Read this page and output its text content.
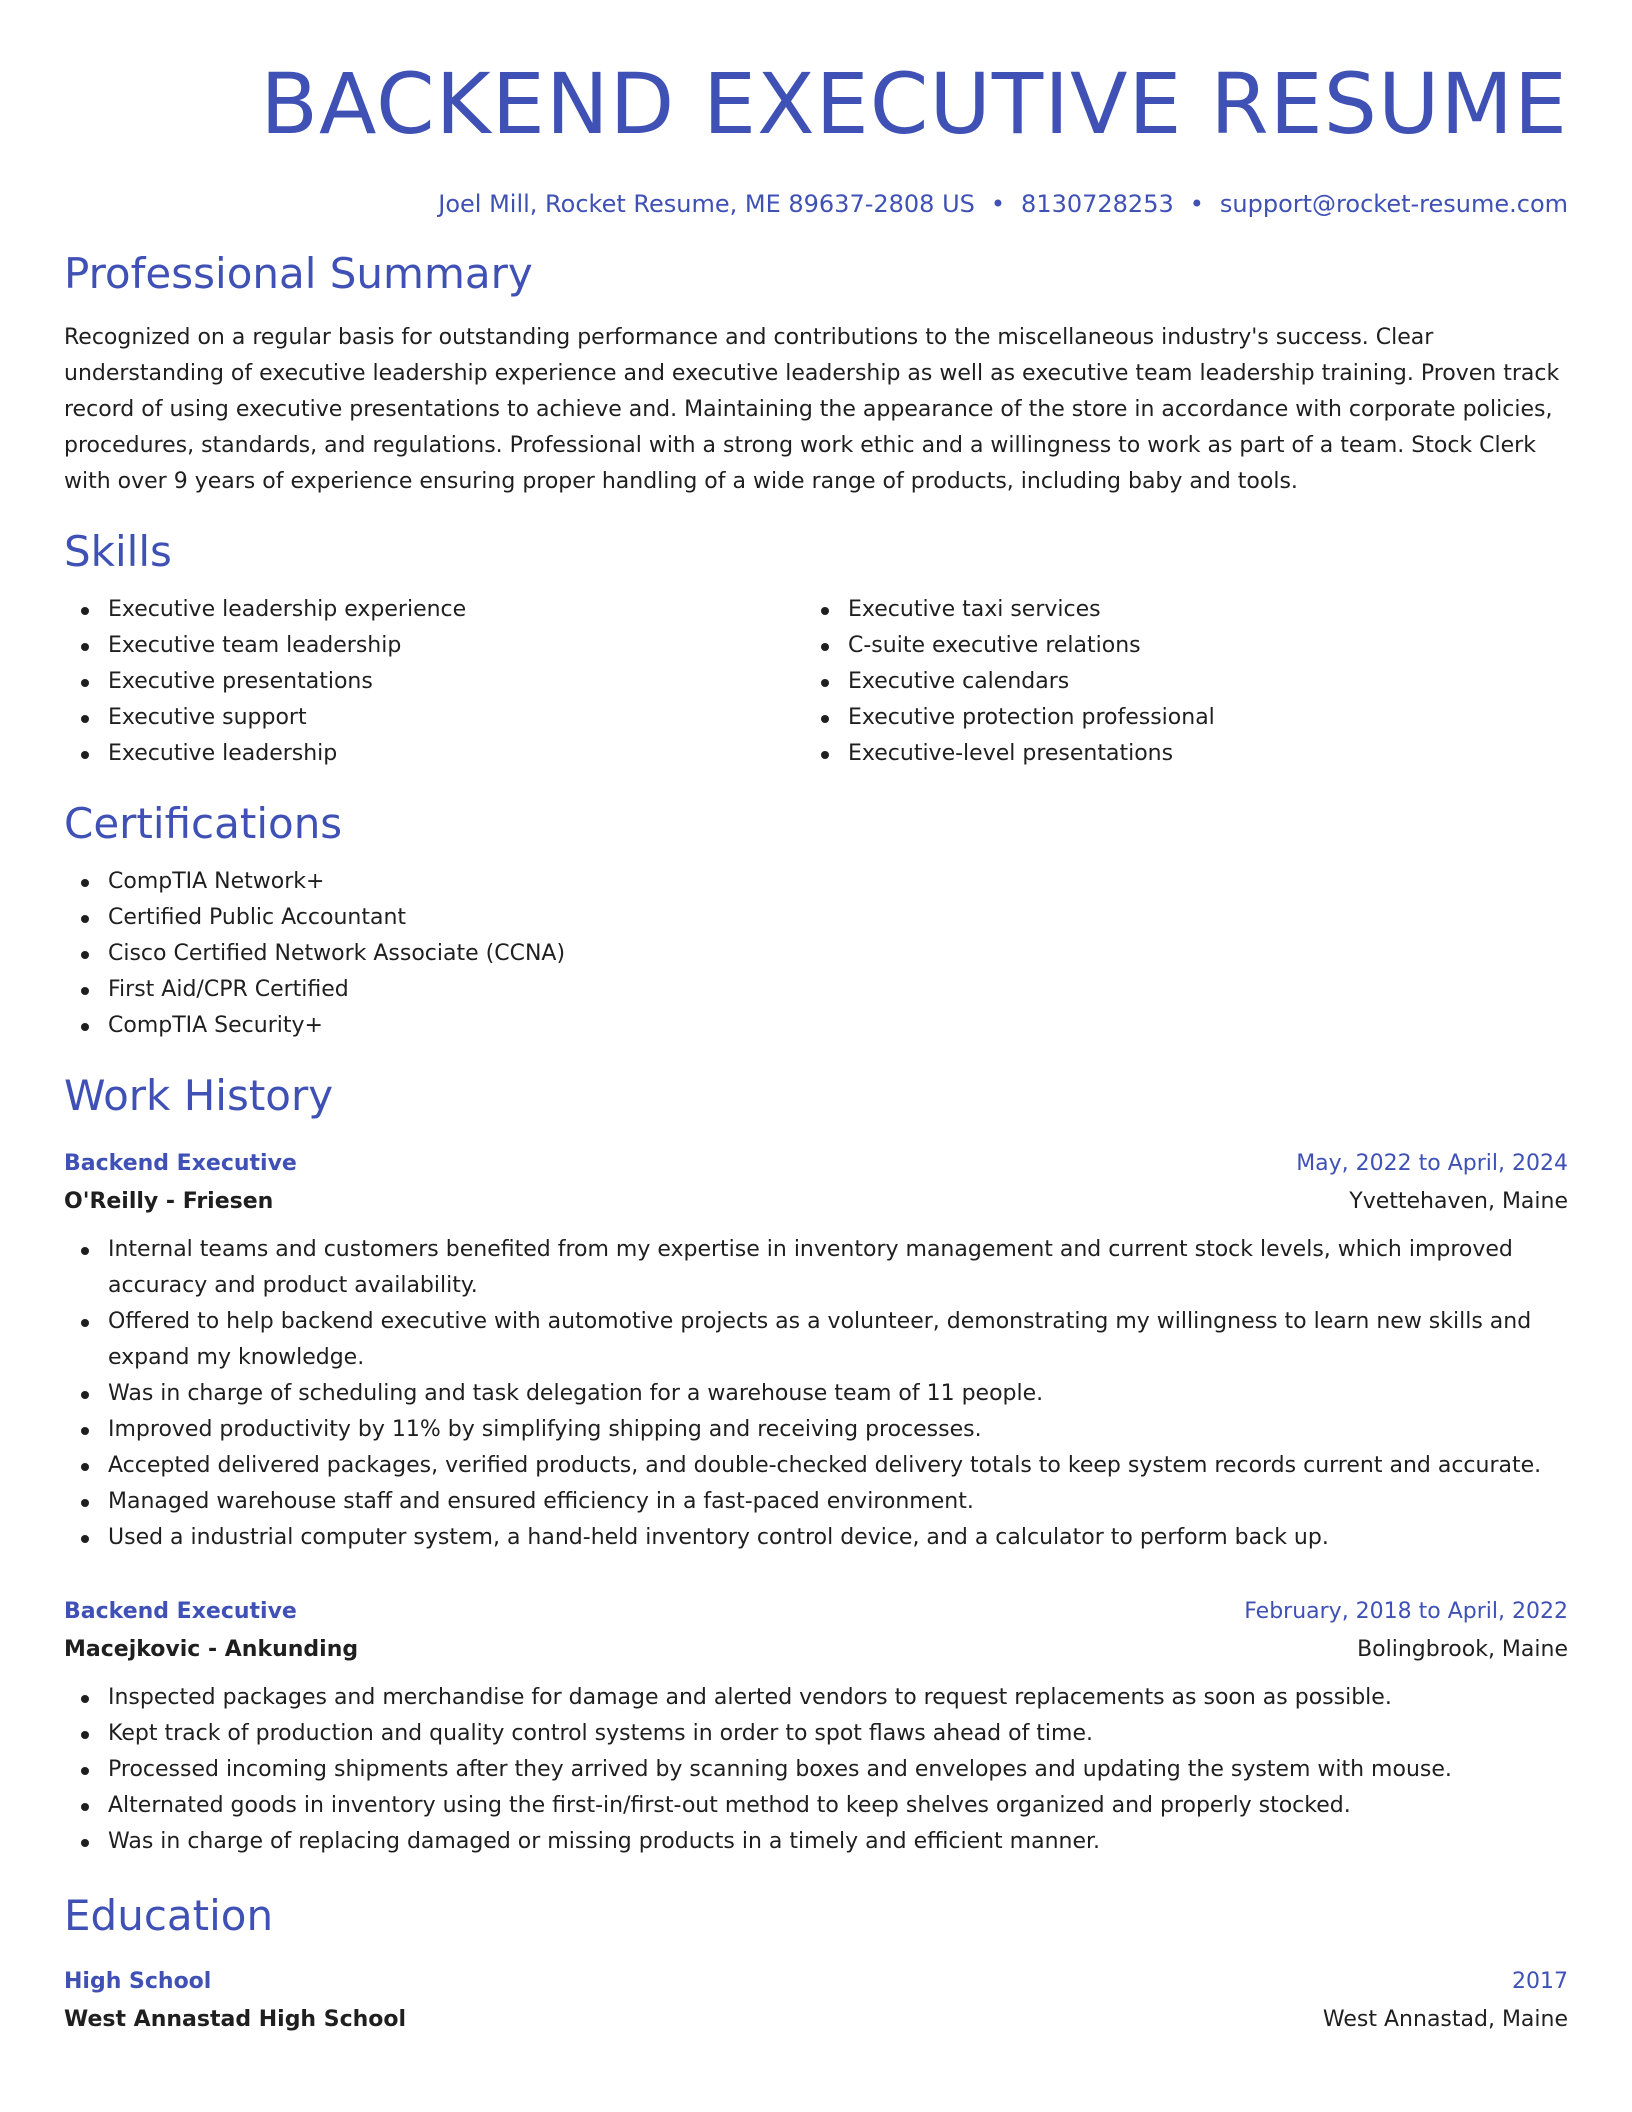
BACKEND EXECUTIVE RESUME
Joel Mill, Rocket Resume, ME 89637-2808 US • 8130728253 • support@rocket-resume.com
Professional Summary

Recognized on a regular basis for outstanding performance and contributions to the miscellaneous industry's success. Clear understanding of executive leadership experience and executive leadership as well as executive team leadership training. Proven track record of using executive presentations to achieve and. Maintaining the appearance of the store in accordance with corporate policies, procedures, standards, and regulations. Professional with a strong work ethic and a willingness to work as part of a team. Stock Clerk with over 9 years of experience ensuring proper handling of a wide range of products, including baby and tools.

Skills
Executive leadership experience
Executive team leadership
Executive presentations
Executive support
Executive leadership
Executive taxi services
C-suite executive relations
Executive calendars
Executive protection professional
Executive-level presentations
Certifications
CompTIA Network+
Certified Public Accountant
Cisco Certified Network Associate (CCNA)
First Aid/CPR Certified
CompTIA Security+
Work History
Backend Executive	May, 2022 to April, 2024
O'Reilly - Friesen	Yvettehaven, Maine
Internal teams and customers benefited from my expertise in inventory management and current stock levels, which improved accuracy and product availability.
Offered to help backend executive with automotive projects as a volunteer, demonstrating my willingness to learn new skills and expand my knowledge.
Was in charge of scheduling and task delegation for a warehouse team of 11 people.
Improved productivity by 11% by simplifying shipping and receiving processes.
Accepted delivered packages, verified products, and double-checked delivery totals to keep system records current and accurate.
Managed warehouse staff and ensured efficiency in a fast-paced environment.
Used a industrial computer system, a hand-held inventory control device, and a calculator to perform back up.
Backend Executive	February, 2018 to April, 2022
Macejkovic - Ankunding	Bolingbrook, Maine
Inspected packages and merchandise for damage and alerted vendors to request replacements as soon as possible.
Kept track of production and quality control systems in order to spot flaws ahead of time.
Processed incoming shipments after they arrived by scanning boxes and envelopes and updating the system with mouse.
Alternated goods in inventory using the first-in/first-out method to keep shelves organized and properly stocked.
Was in charge of replacing damaged or missing products in a timely and efficient manner.
Education
High School	2017
West Annastad High School	West Annastad, Maine
